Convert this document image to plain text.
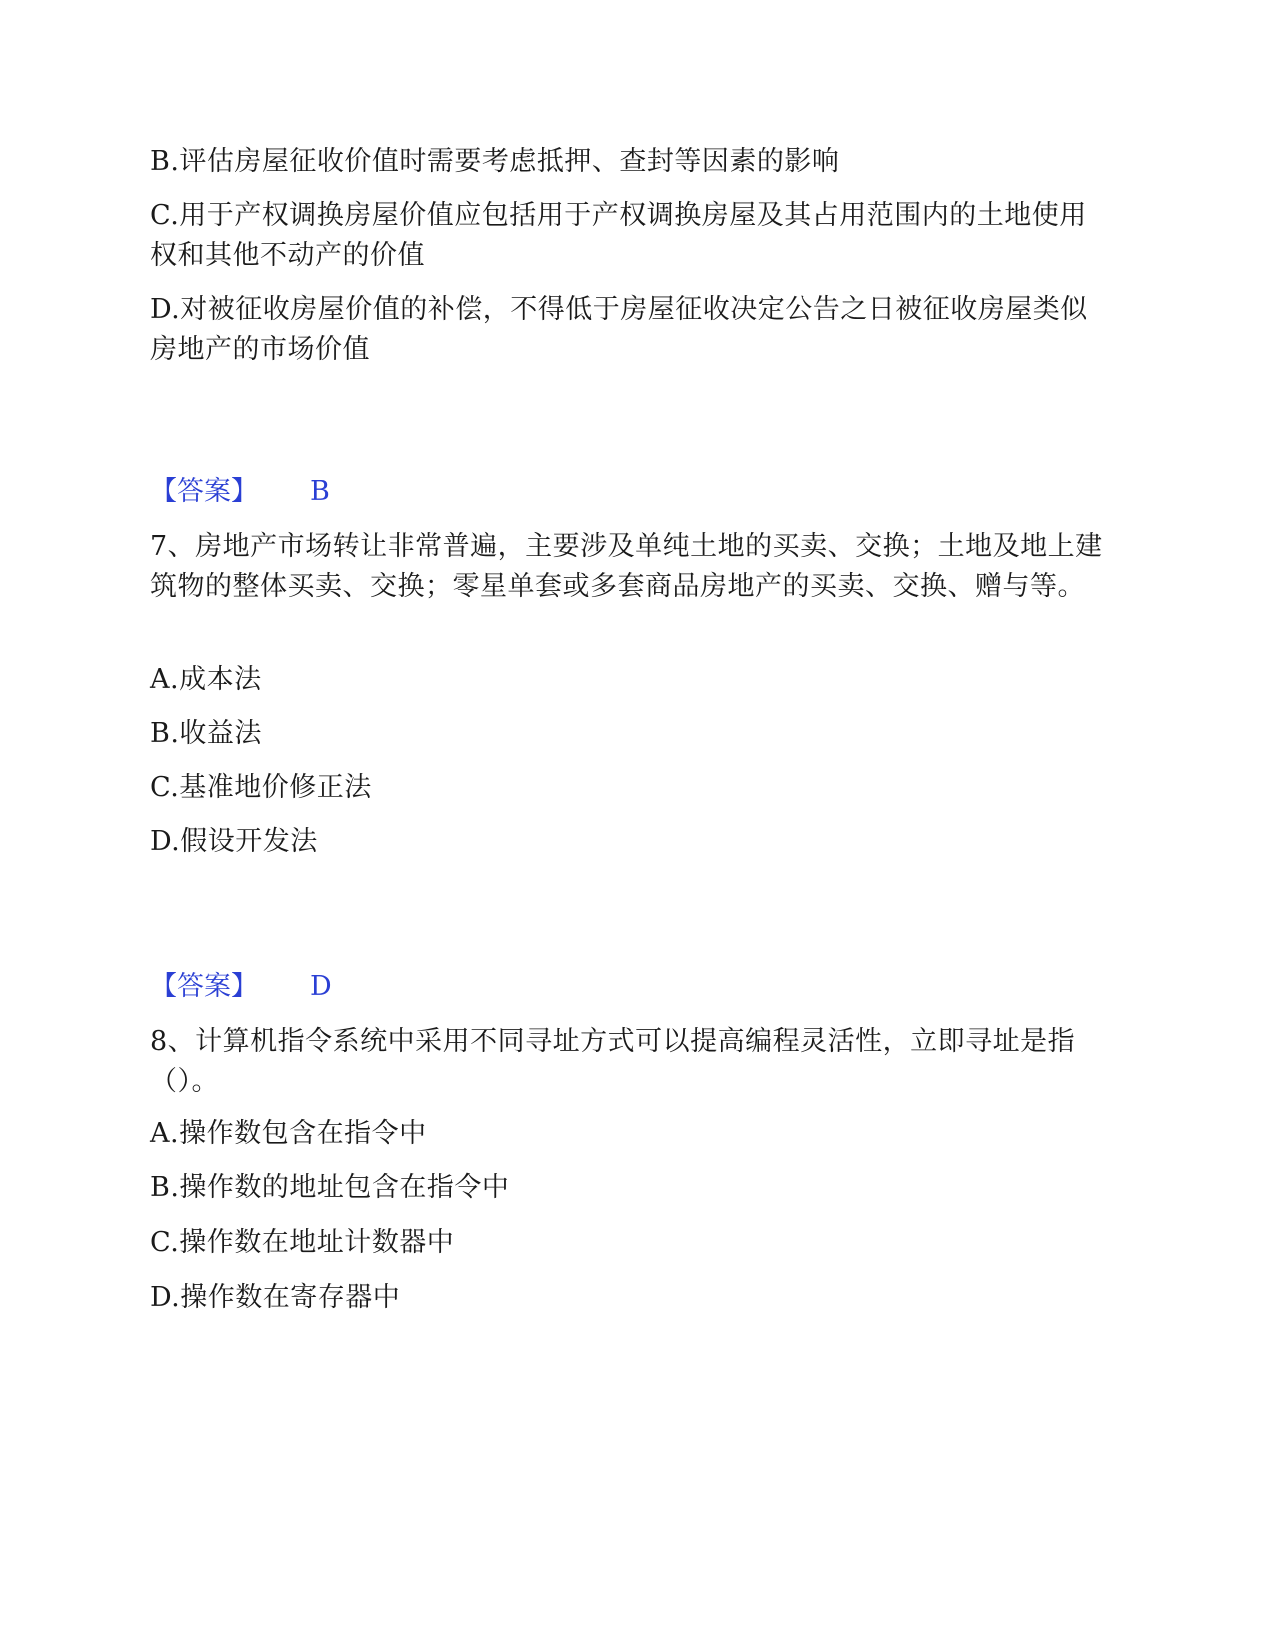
B.评估房屋征收价值时需要考虑抵押、查封等因素的影响
C.用于产权调换房屋价值应包括用于产权调换房屋及其占用范围内的土地使用权和其他不动产的价值
D.对被征收房屋价值的补偿，不得低于房屋征收决定公告之日被征收房屋类似房地产的市场价值
【答案】 B
7、房地产市场转让非常普遍，主要涉及单纯土地的买卖、交换；土地及地上建筑物的整体买卖、交换；零星单套或多套商品房地产的买卖、交换、赠与等。
A.成本法
B.收益法
C.基准地价修正法
D.假设开发法
【答案】 D
8、计算机指令系统中采用不同寻址方式可以提高编程灵活性，立即寻址是指（）。
A.操作数包含在指令中
B.操作数的地址包含在指令中
C.操作数在地址计数器中
D.操作数在寄存器中
